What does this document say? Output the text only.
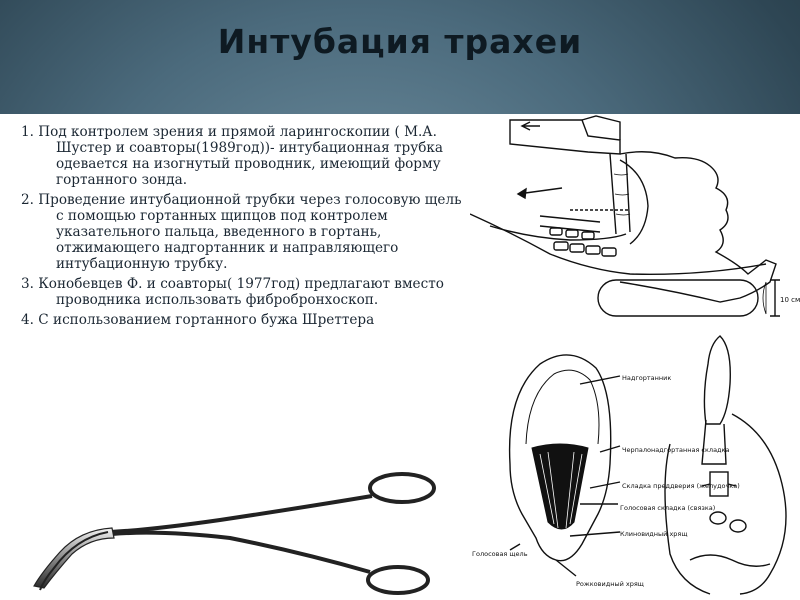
Интубация трахеи
1. Под контролем зрения и прямой ларингоскопии ( М.А. Шустер и соавторы(1989год))- интубационная трубка одевается на изогнутый проводник, имеющий форму гортанного зонда.
2. Проведение интубационной трубки через голосовую щель с помощью гортанных щипцов под контролем указательного пальца, введенного в гортань, отжимающего надгортанник и направляющего интубационную трубку.
3. Конобевцев Ф. и соавторы( 1977год) предлагают вместо проводника использовать фибробронхоскоп.
4. С использованием гортанного бужа Шреттера
10 см
Надгортанник
Черпалонадгортанная складка
Складка преддверия (желудочка)
Голосовая складка (связка)
Клиновидный хрящ
Рожковидный хрящ
Голосовая щель
